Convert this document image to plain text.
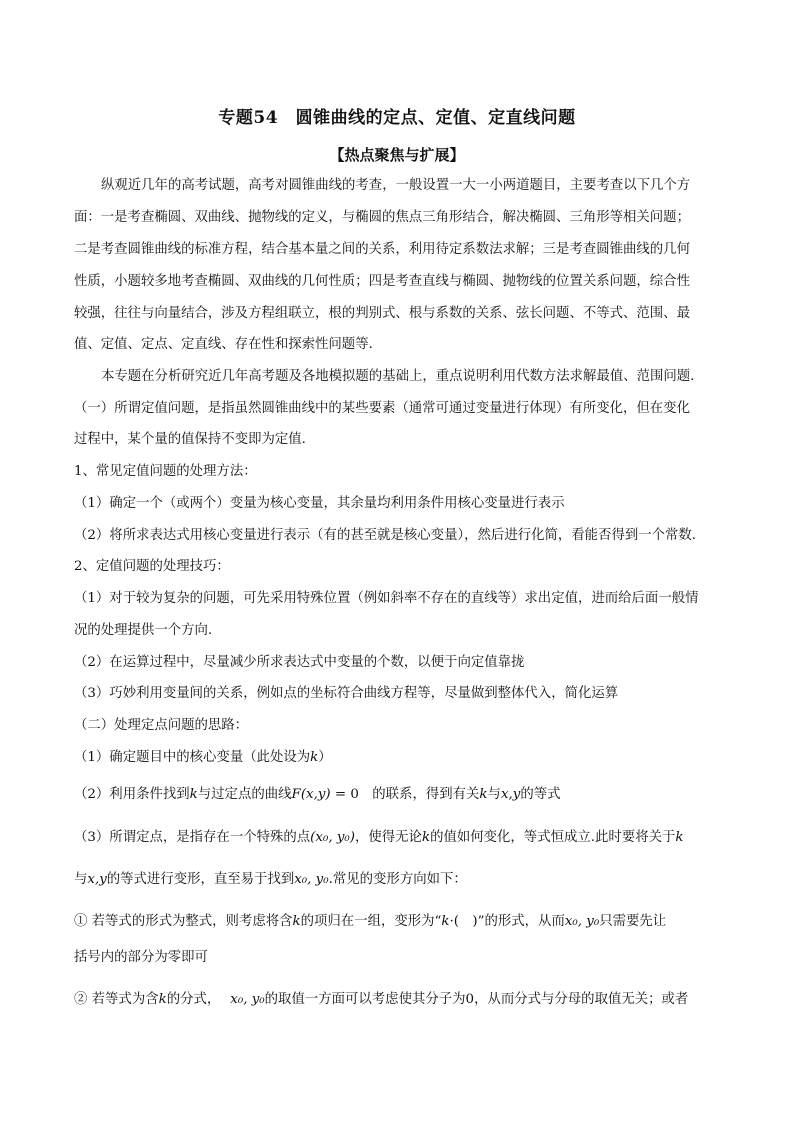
专题54　圆锥曲线的定点、定值、定直线问题
【热点聚焦与扩展】
纵观近几年的高考试题，高考对圆锥曲线的考查，一般设置一大一小两道题目，主要考查以下几个方
面：一是考查椭圆、双曲线、抛物线的定义，与椭圆的焦点三角形结合，解决椭圆、三角形等相关问题；
二是考查圆锥曲线的标准方程，结合基本量之间的关系，利用待定系数法求解；三是考查圆锥曲线的几何
性质，小题较多地考查椭圆、双曲线的几何性质；四是考查直线与椭圆、抛物线的位置关系问题，综合性
较强，往往与向量结合，涉及方程组联立，根的判别式、根与系数的关系、弦长问题、不等式、范围、最
值、定值、定点、定直线、存在性和探索性问题等.
本专题在分析研究近几年高考题及各地模拟题的基础上，重点说明利用代数方法求解最值、范围问题.
（一）所谓定值问题，是指虽然圆锥曲线中的某些要素（通常可通过变量进行体现）有所变化，但在变化
过程中，某个量的值保持不变即为定值.
1、常见定值问题的处理方法：
（1）确定一个（或两个）变量为核心变量，其余量均利用条件用核心变量进行表示
（2）将所求表达式用核心变量进行表示（有的甚至就是核心变量），然后进行化简，看能否得到一个常数.
2、定值问题的处理技巧：
（1）对于较为复杂的问题，可先采用特殊位置（例如斜率不存在的直线等）求出定值，进而给后面一般情
况的处理提供一个方向.
（2）在运算过程中，尽量减少所求表达式中变量的个数，以便于向定值靠拢
（3）巧妙利用变量间的关系，例如点的坐标符合曲线方程等，尽量做到整体代入，简化运算
（二）处理定点问题的思路：
（1）确定题目中的核心变量（此处设为k）
（2）利用条件找到k与过定点的曲线F(x,y) = 0　的联系，得到有关k与x,y的等式
（3）所谓定点，是指存在一个特殊的点(x₀, y₀)，使得无论k的值如何变化，等式恒成立.此时要将关于k
与x,y的等式进行变形，直至易于找到x₀, y₀.常见的变形方向如下：
① 若等式的形式为整式，则考虑将含k的项归在一组，变形为“k·(　)”的形式，从而x₀, y₀只需要先让
括号内的部分为零即可
② 若等式为含k的分式， x₀, y₀的取值一方面可以考虑使其分子为0，从而分式与分母的取值无关；或者
